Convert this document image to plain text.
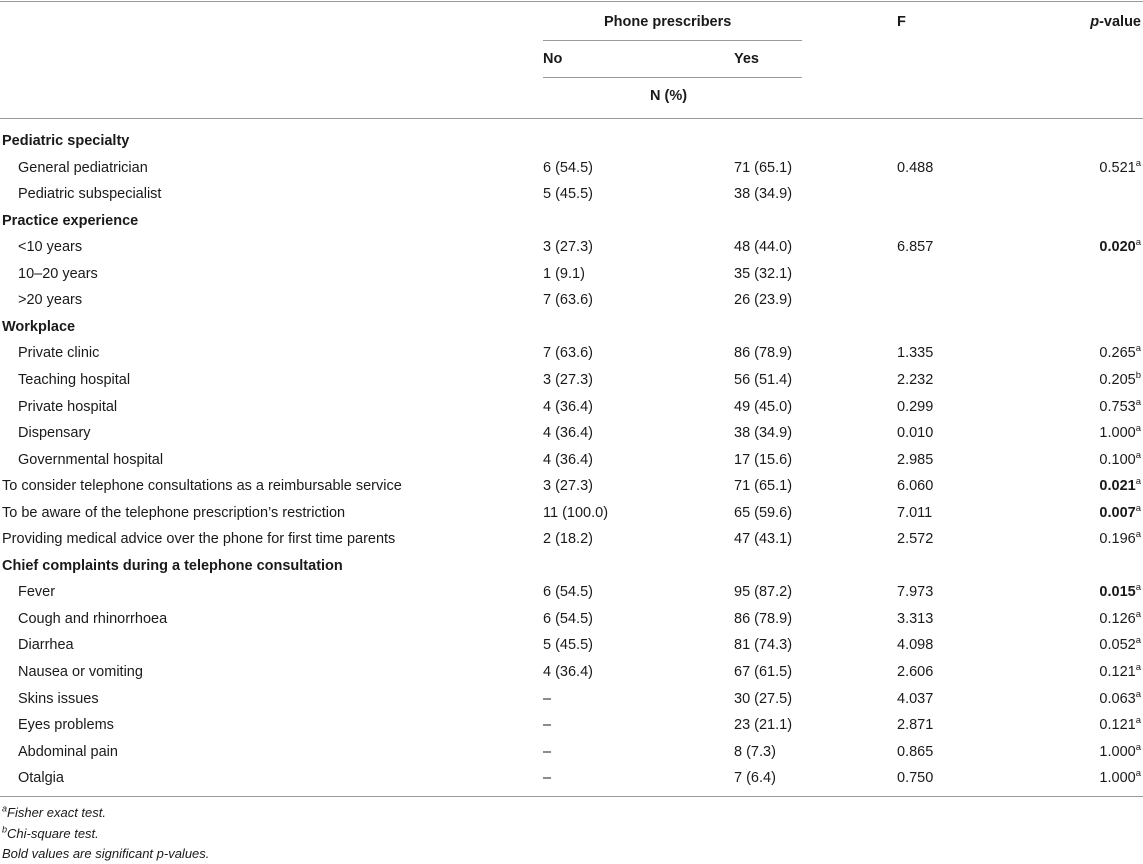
Phone prescribers	F	p-value
No	Yes
N (%)
Pediatric specialty
General pediatrician	6 (54.5)	71 (65.1)	0.488	0.521$^a$
Pediatric subspecialist	5 (45.5)	38 (34.9)
Practice experience
<10 years	3 (27.3)	48 (44.0)	6.857	0.020$^a$
10–20 years	1 (9.1)	35 (32.1)
>20 years	7 (63.6)	26 (23.9)
Workplace
Private clinic	7 (63.6)	86 (78.9)	1.335	0.265$^a$
Teaching hospital	3 (27.3)	56 (51.4)	2.232	0.205$^b$
Private hospital	4 (36.4)	49 (45.0)	0.299	0.753$^a$
Dispensary	4 (36.4)	38 (34.9)	0.010	1.000$^a$
Governmental hospital	4 (36.4)	17 (15.6)	2.985	0.100$^a$
To consider telephone consultations as a reimbursable service	3 (27.3)	71 (65.1)	6.060	0.021$^a$
To be aware of the telephone prescription’s restriction	11 (100.0)	65 (59.6)	7.011	0.007$^a$
Providing medical advice over the phone for first time parents	2 (18.2)	47 (43.1)	2.572	0.196$^a$
Chief complaints during a telephone consultation
Fever	6 (54.5)	95 (87.2)	7.973	0.015$^a$
Cough and rhinorrhoea	6 (54.5)	86 (78.9)	3.313	0.126$^a$
Diarrhea	5 (45.5)	81 (74.3)	4.098	0.052$^a$
Nausea or vomiting	4 (36.4)	67 (61.5)	2.606	0.121$^a$
Skins issues	–	30 (27.5)	4.037	0.063$^a$
Eyes problems	–	23 (21.1)	2.871	0.121$^a$
Abdominal pain	–	8 (7.3)	0.865	1.000$^a$
Otalgia	–	7 (6.4)	0.750	1.000$^a$
$^a$Fisher exact test.
$^b$Chi-square test.
Bold values are significant p-values.
